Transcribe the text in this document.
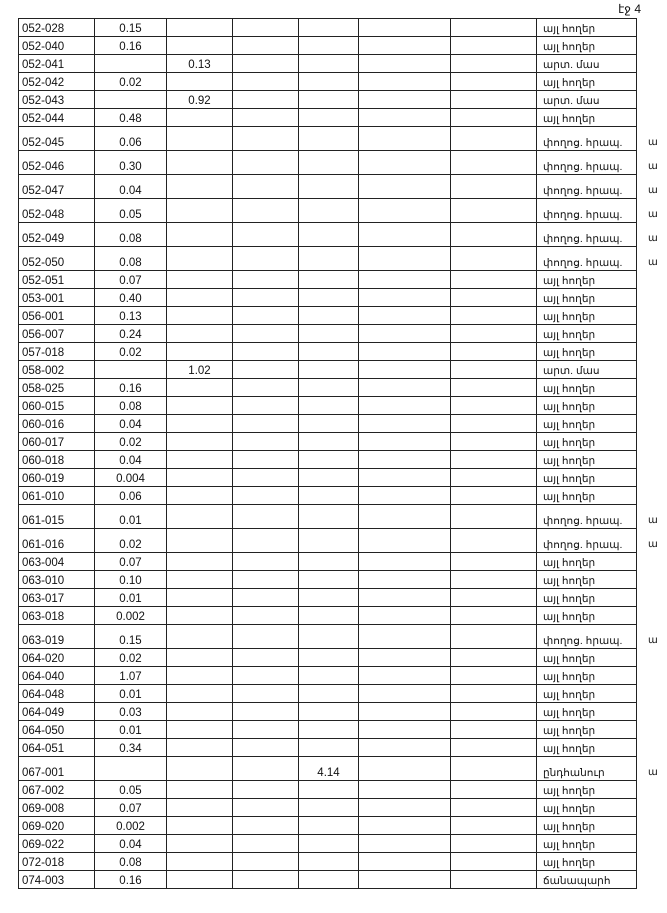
էջ 4
052-028	0.15						այլ հողեր
052-040	0.16						այլ հողեր
052-041		0.13					արտ. մաս
052-042	0.02						այլ հողեր
052-043		0.92					արտ. մաս
052-044	0.48						այլ հողեր
052-045	0.06						փողոց. հրապ.
052-046	0.30						փողոց. հրապ.
052-047	0.04						փողոց. հրապ.
052-048	0.05						փողոց. հրապ.
052-049	0.08						փողոց. հրապ.
052-050	0.08						փողոց. հրապ.
052-051	0.07						այլ հողեր
053-001	0.40						այլ հողեր
056-001	0.13						այլ հողեր
056-007	0.24						այլ հողեր
057-018	0.02						այլ հողեր
058-002		1.02					արտ. մաս
058-025	0.16						այլ հողեր
060-015	0.08						այլ հողեր
060-016	0.04						այլ հողեր
060-017	0.02						այլ հողեր
060-018	0.04						այլ հողեր
060-019	0.004						այլ հողեր
061-010	0.06						այլ հողեր
061-015	0.01						փողոց. հրապ.
061-016	0.02						փողոց. հրապ.
063-004	0.07						այլ հողեր
063-010	0.10						այլ հողեր
063-017	0.01						այլ հողեր
063-018	0.002						այլ հողեր
063-019	0.15						փողոց. հրապ.
064-020	0.02						այլ հողեր
064-040	1.07						այլ հողեր
064-048	0.01						այլ հողեր
064-049	0.03						այլ հողեր
064-050	0.01						այլ հողեր
064-051	0.34						այլ հողեր
067-001				4.14			ընդհանուր
067-002	0.05						այլ հողեր
069-008	0.07						այլ հողեր
069-020	0.002						այլ հողեր
069-022	0.04						այլ հողեր
072-018	0.08						այլ հողեր
074-003	0.16						ճանապարհ
ա
ա
ա
ա
ա
ա
ա
ա
ա
ա
